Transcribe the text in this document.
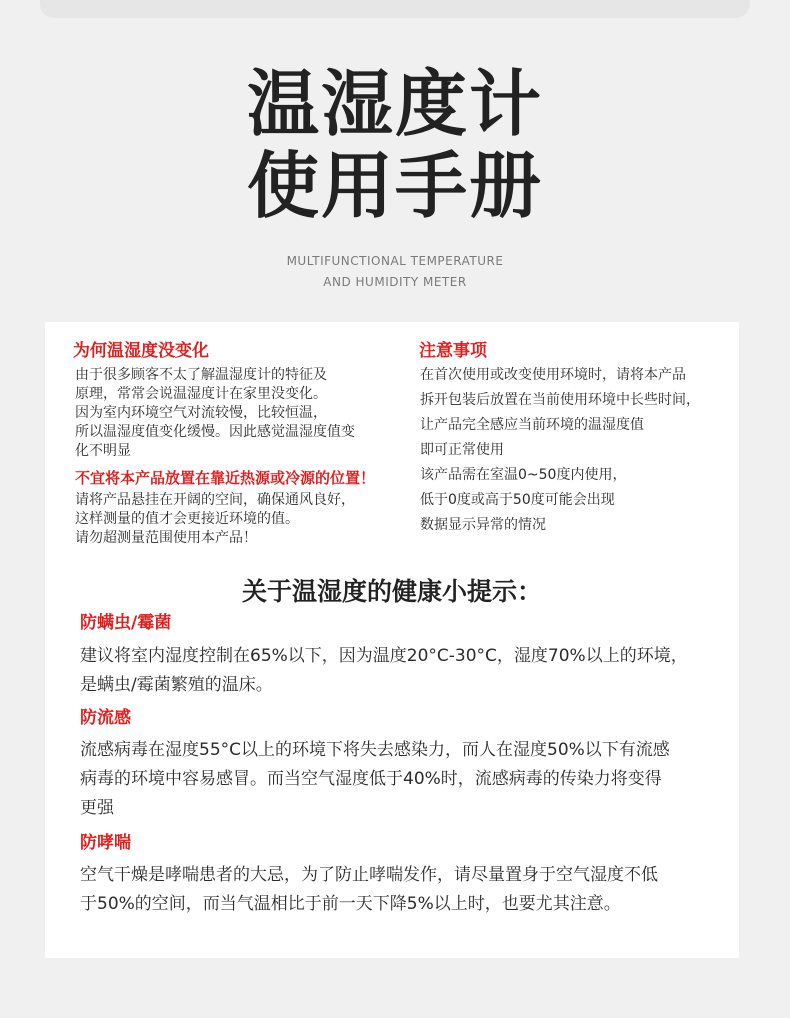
温湿度计
使用手册
MULTIFUNCTIONAL TEMPERATURE
AND HUMIDITY METER
为何温湿度没变化
由于很多顾客不太了解温湿度计的特征及
原理，常常会说温湿度计在家里没变化。
因为室内环境空气对流较慢，比较恒温，
所以温湿度值变化缓慢。因此感觉温湿度值变
化不明显
不宜将本产品放置在靠近热源或冷源的位置！
请将产品悬挂在开阔的空间，确保通风良好，
这样测量的值才会更接近环境的值。
请勿超测量范围使用本产品！
注意事项
在首次使用或改变使用环境时，请将本产品
拆开包装后放置在当前使用环境中长些时间，
让产品完全感应当前环境的温湿度值
即可正常使用
该产品需在室温0~50度内使用，
低于0度或高于50度可能会出现
数据显示异常的情况
关于温湿度的健康小提示：
防螨虫/霉菌
建议将室内湿度控制在65%以下，因为温度20°C-30°C，湿度70%以上的环境，
是螨虫/霉菌繁殖的温床。
防流感
流感病毒在湿度55°C以上的环境下将失去感染力，而人在湿度50%以下有流感
病毒的环境中容易感冒。而当空气湿度低于40%时，流感病毒的传染力将变得
更强
防哮喘
空气干燥是哮喘患者的大忌，为了防止哮喘发作，请尽量置身于空气湿度不低
于50%的空间，而当气温相比于前一天下降5%以上时，也要尤其注意。
